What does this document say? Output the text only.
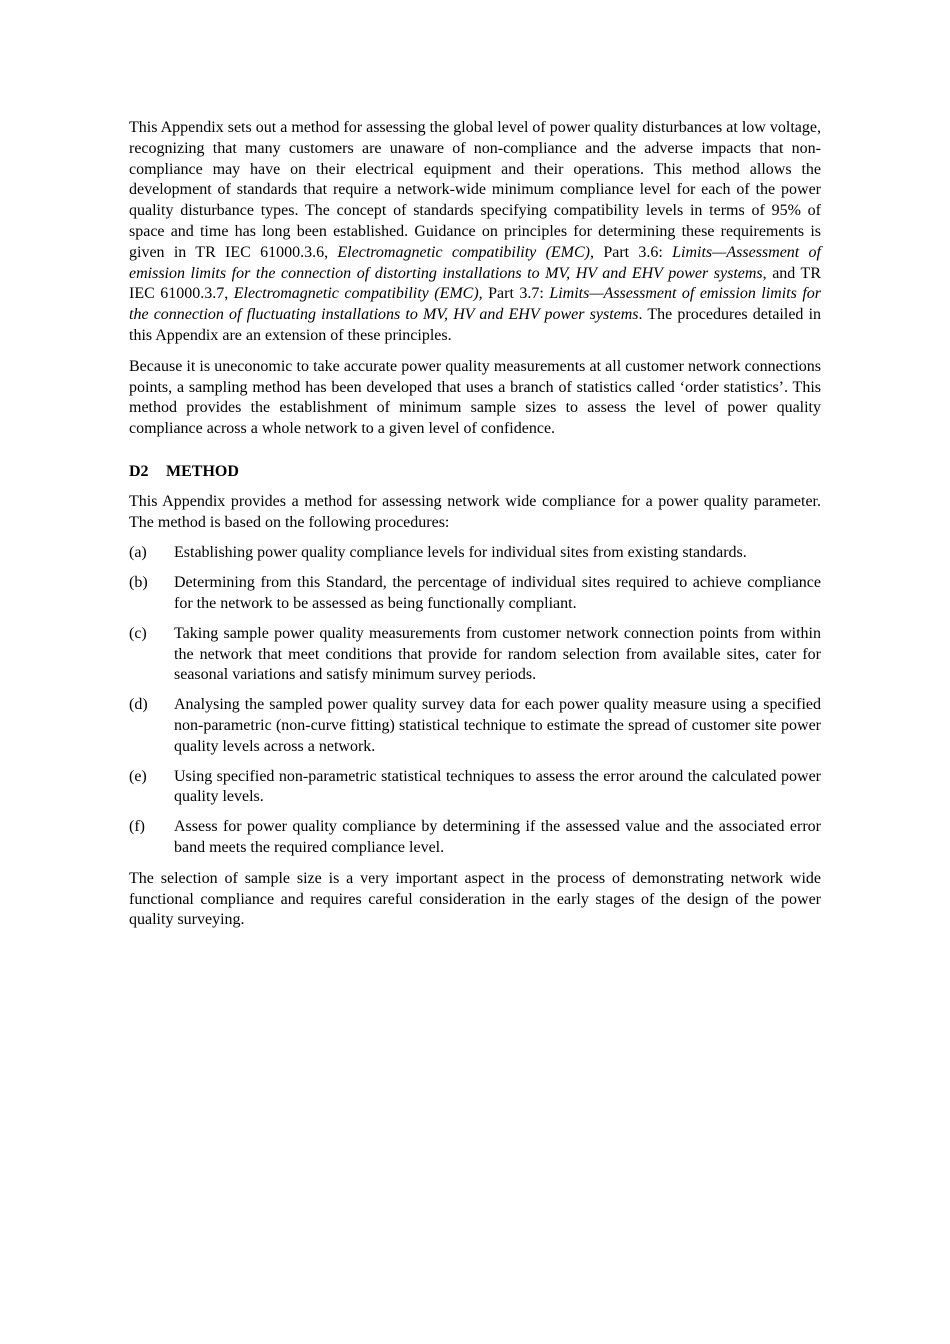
This Appendix sets out a method for assessing the global level of power quality disturbances at low voltage, recognizing that many customers are unaware of non-compliance and the adverse impacts that non-compliance may have on their electrical equipment and their operations. This method allows the development of standards that require a network-wide minimum compliance level for each of the power quality disturbance types. The concept of standards specifying compatibility levels in terms of 95% of space and time has long been established. Guidance on principles for determining these requirements is given in TR IEC 61000.3.6, Electromagnetic compatibility (EMC), Part 3.6: Limits—Assessment of emission limits for the connection of distorting installations to MV, HV and EHV power systems, and TR IEC 61000.3.7, Electromagnetic compatibility (EMC), Part 3.7: Limits—Assessment of emission limits for the connection of fluctuating installations to MV, HV and EHV power systems. The procedures detailed in this Appendix are an extension of these principles.

Because it is uneconomic to take accurate power quality measurements at all customer network connections points, a sampling method has been developed that uses a branch of statistics called ‘order statistics’. This method provides the establishment of minimum sample sizes to assess the level of power quality compliance across a whole network to a given level of confidence.

D2 METHOD

This Appendix provides a method for assessing network wide compliance for a power quality parameter. The method is based on the following procedures:

(a)	Establishing power quality compliance levels for individual sites from existing standards.
(b)	Determining from this Standard, the percentage of individual sites required to achieve compliance for the network to be assessed as being functionally compliant.
(c)	Taking sample power quality measurements from customer network connection points from within the network that meet conditions that provide for random selection from available sites, cater for seasonal variations and satisfy minimum survey periods.
(d)	Analysing the sampled power quality survey data for each power quality measure using a specified non-parametric (non-curve fitting) statistical technique to estimate the spread of customer site power quality levels across a network.
(e)	Using specified non-parametric statistical techniques to assess the error around the calculated power quality levels.
(f)	Assess for power quality compliance by determining if the assessed value and the associated error band meets the required compliance level.

The selection of sample size is a very important aspect in the process of demonstrating network wide functional compliance and requires careful consideration in the early stages of the design of the power quality surveying.
